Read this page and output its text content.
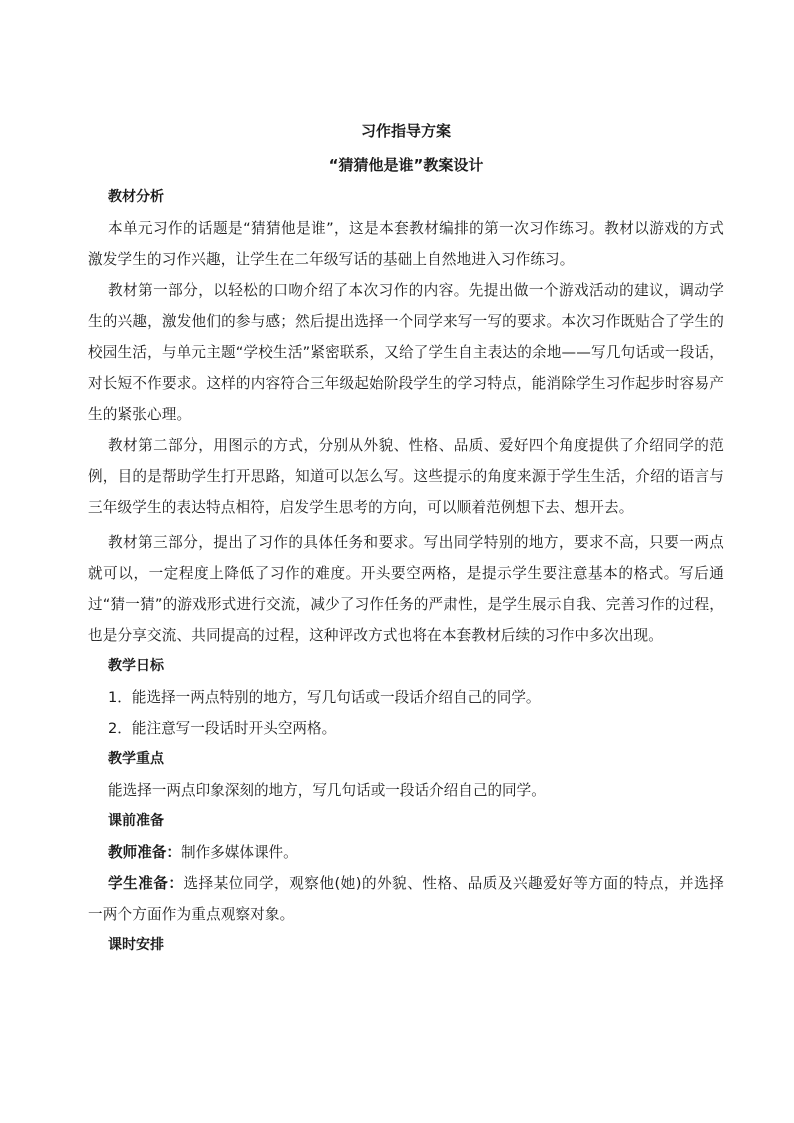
习作指导方案

“猜猜他是谁”教案设计

教材分析

本单元习作的话题是“猜猜他是谁”，这是本套教材编排的第一次习作练习。教材以游戏的方式激发学生的习作兴趣，让学生在二年级写话的基础上自然地进入习作练习。

教材第一部分，以轻松的口吻介绍了本次习作的内容。先提出做一个游戏活动的建议，调动学生的兴趣，激发他们的参与感；然后提出选择一个同学来写一写的要求。本次习作既贴合了学生的校园生活，与单元主题“学校生活”紧密联系，又给了学生自主表达的余地——写几句话或一段话，对长短不作要求。这样的内容符合三年级起始阶段学生的学习特点，能消除学生习作起步时容易产生的紧张心理。

教材第二部分，用图示的方式，分别从外貌、性格、品质、爱好四个角度提供了介绍同学的范例，目的是帮助学生打开思路，知道可以怎么写。这些提示的角度来源于学生生活，介绍的语言与三年级学生的表达特点相符，启发学生思考的方向，可以顺着范例想下去、想开去。

教材第三部分，提出了习作的具体任务和要求。写出同学特别的地方，要求不高，只要一两点就可以，一定程度上降低了习作的难度。开头要空两格，是提示学生要注意基本的格式。写后通过“猜一猜”的游戏形式进行交流，减少了习作任务的严肃性，是学生展示自我、完善习作的过程，也是分享交流、共同提高的过程，这种评改方式也将在本套教材后续的习作中多次出现。

教学日标

1．能选择一两点特别的地方，写几句话或一段话介绍自己的同学。

2．能注意写一段话时开头空两格。

教学重点

能选择一两点印象深刻的地方，写几句话或一段话介绍自己的同学。

课前准备

教师准备：制作多媒体课件。

学生准备：选择某位同学，观察他(她)的外貌、性格、品质及兴趣爱好等方面的特点，并选择一两个方面作为重点观察对象。

课时安排
